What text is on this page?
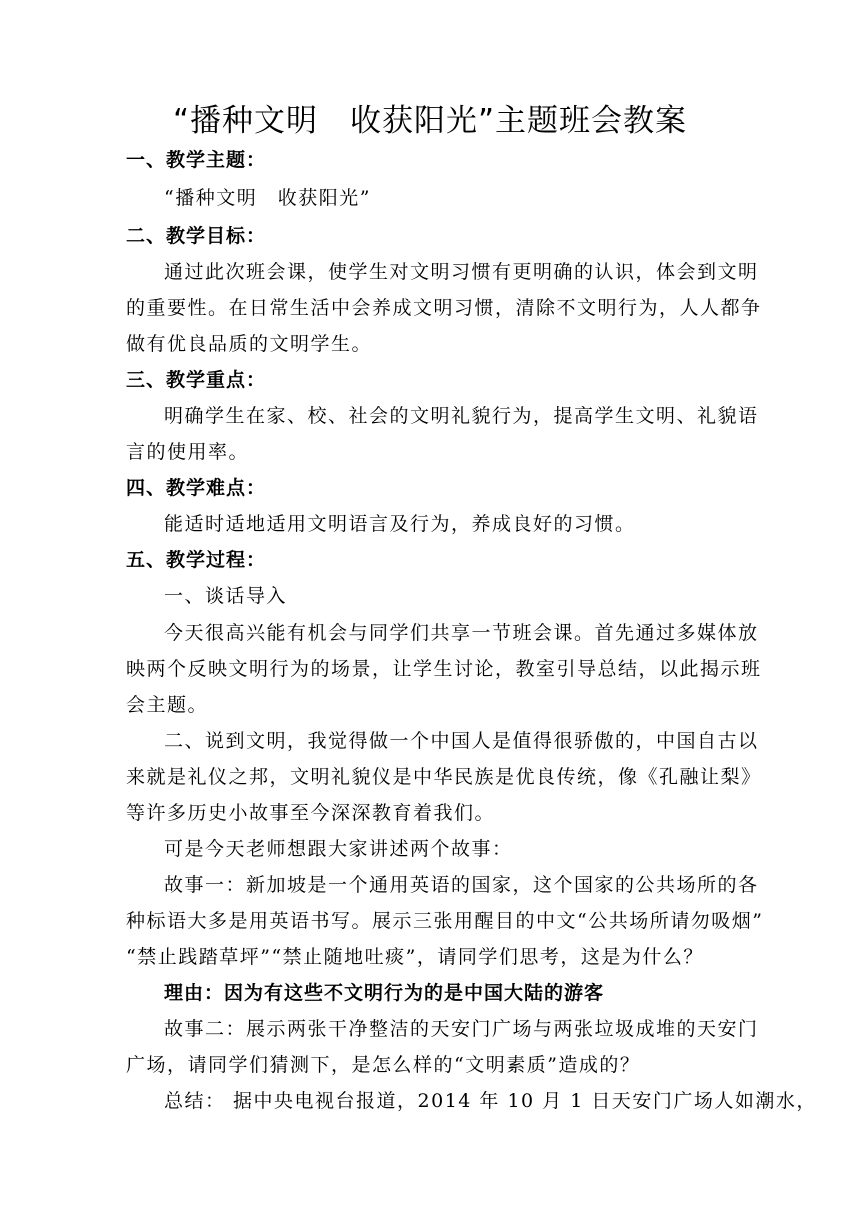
“播种文明　收获阳光”主题班会教案
一、教学主题：
“播种文明　收获阳光”
二、教学目标：
通过此次班会课，使学生对文明习惯有更明确的认识，体会到文明
的重要性。在日常生活中会养成文明习惯，清除不文明行为，人人都争
做有优良品质的文明学生。
三、教学重点：
明确学生在家、校、社会的文明礼貌行为，提高学生文明、礼貌语
言的使用率。
四、教学难点：
能适时适地适用文明语言及行为，养成良好的习惯。
五、教学过程：
一、谈话导入
今天很高兴能有机会与同学们共享一节班会课。首先通过多媒体放
映两个反映文明行为的场景，让学生讨论，教室引导总结，以此揭示班
会主题。
二、说到文明，我觉得做一个中国人是值得很骄傲的，中国自古以
来就是礼仪之邦，文明礼貌仪是中华民族是优良传统，像《孔融让梨》
等许多历史小故事至今深深教育着我们。
可是今天老师想跟大家讲述两个故事：
故事一：新加坡是一个通用英语的国家，这个国家的公共场所的各
种标语大多是用英语书写。展示三张用醒目的中文“公共场所请勿吸烟”
“禁止践踏草坪”“禁止随地吐痰”，请同学们思考，这是为什么？
理由：因为有这些不文明行为的是中国大陆的游客
故事二：展示两张干净整洁的天安门广场与两张垃圾成堆的天安门
广场，请同学们猜测下，是怎么样的“文明素质”造成的？
总结： 据中央电视台报道，2014 年 10 月 1 日天安门广场人如潮水，
